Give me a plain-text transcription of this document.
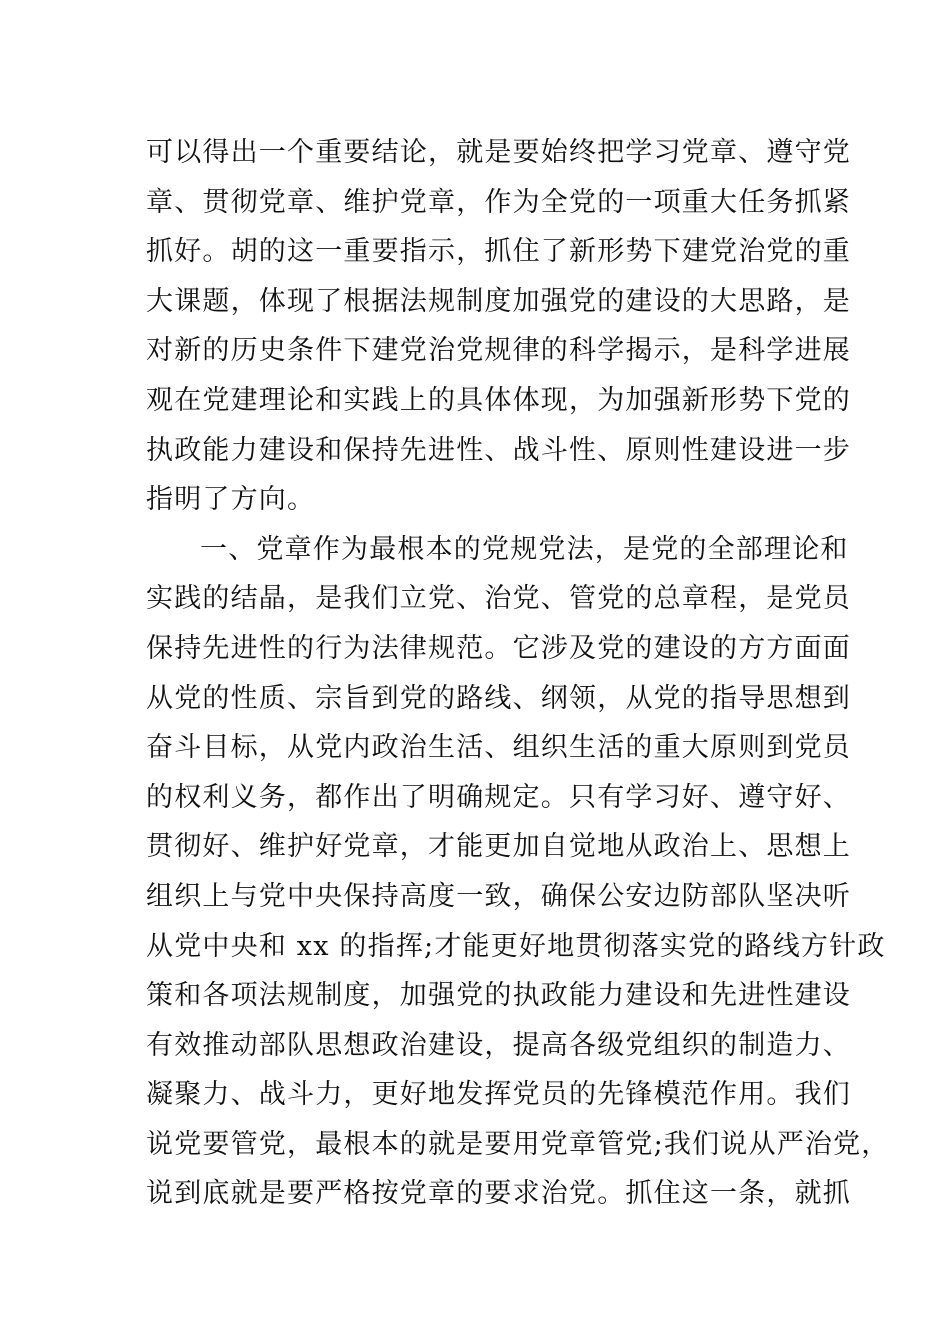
可以得出一个重要结论，就是要始终把学习党章、遵守党
章、贯彻党章、维护党章，作为全党的一项重大任务抓紧
抓好。胡的这一重要指示，抓住了新形势下建党治党的重
大课题，体现了根据法规制度加强党的建设的大思路，是
对新的历史条件下建党治党规律的科学揭示，是科学进展
观在党建理论和实践上的具体体现，为加强新形势下党的
执政能力建设和保持先进性、战斗性、原则性建设进一步
指明了方向。
一、党章作为最根本的党规党法，是党的全部理论和
实践的结晶，是我们立党、治党、管党的总章程，是党员
保持先进性的行为法律规范。它涉及党的建设的方方面面
从党的性质、宗旨到党的路线、纲领，从党的指导思想到
奋斗目标，从党内政治生活、组织生活的重大原则到党员
的权利义务，都作出了明确规定。只有学习好、遵守好、
贯彻好、维护好党章，才能更加自觉地从政治上、思想上
组织上与党中央保持高度一致，确保公安边防部队坚决听
从党中央和 xx 的指挥;才能更好地贯彻落实党的路线方针政
策和各项法规制度，加强党的执政能力建设和先进性建设
有效推动部队思想政治建设，提高各级党组织的制造力、
凝聚力、战斗力，更好地发挥党员的先锋模范作用。我们
说党要管党，最根本的就是要用党章管党;我们说从严治党，
说到底就是要严格按党章的要求治党。抓住这一条，就抓
